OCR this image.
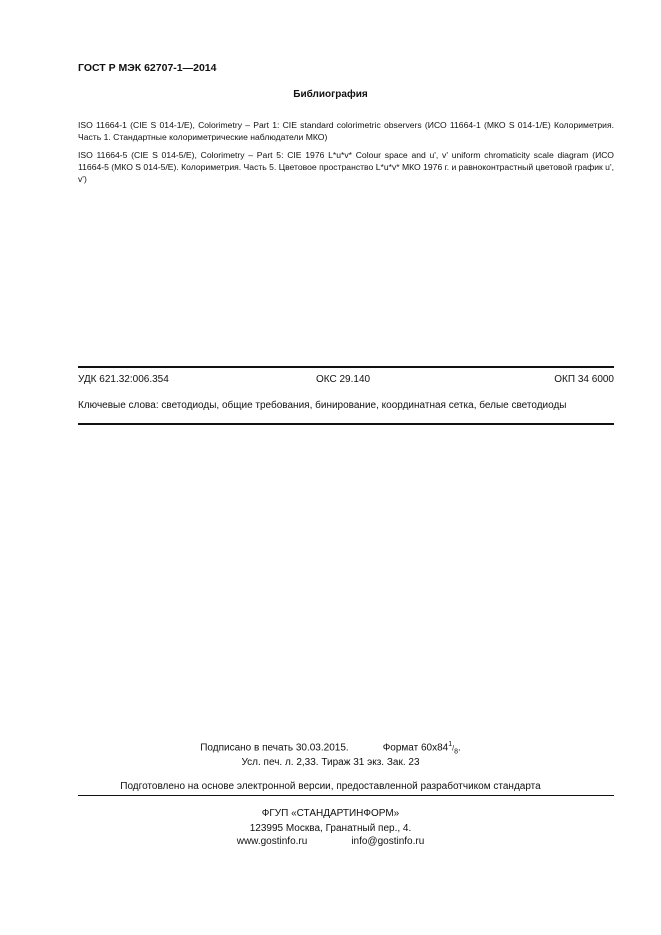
ГОСТ Р МЭК 62707-1—2014
Библиография
ISO 11664-1 (CIE S 014-1/E), Colorimetry – Part 1: CIE standard colorimetric observers (ИСО 11664-1 (МКО S 014-1/E) Колориметрия. Часть 1. Стандартные колориметрические наблюдатели МКО)
ISO 11664-5 (CIE S 014-5/E), Colorimetry – Part 5: CIE 1976 L*u*v* Colour space and u', v' uniform chromaticity scale diagram (ИСО 11664-5 (МКО S 014-5/E). Колориметрия. Часть 5. Цветовое пространство L*u*v* МКО 1976 г. и равноконтрастный цветовой график u', v')
УДК 621.32:006.354	ОКС 29.140	ОКП 34 6000
Ключевые слова: светодиоды, общие требования, бинирование, координатная сетка, белые светодиоды
Подписано в печать 30.03.2015.	Формат $60x84^1/_8$.
Усл. печ. л. 2,33. Тираж 31 экз. Зак. 23
Подготовлено на основе электронной версии, предоставленной разработчиком стандарта
ФГУП «СТАНДАРТИНФОРМ»
123995 Москва, Гранатный пер., 4.
www.gostinfo.ru	info@gostinfo.ru
